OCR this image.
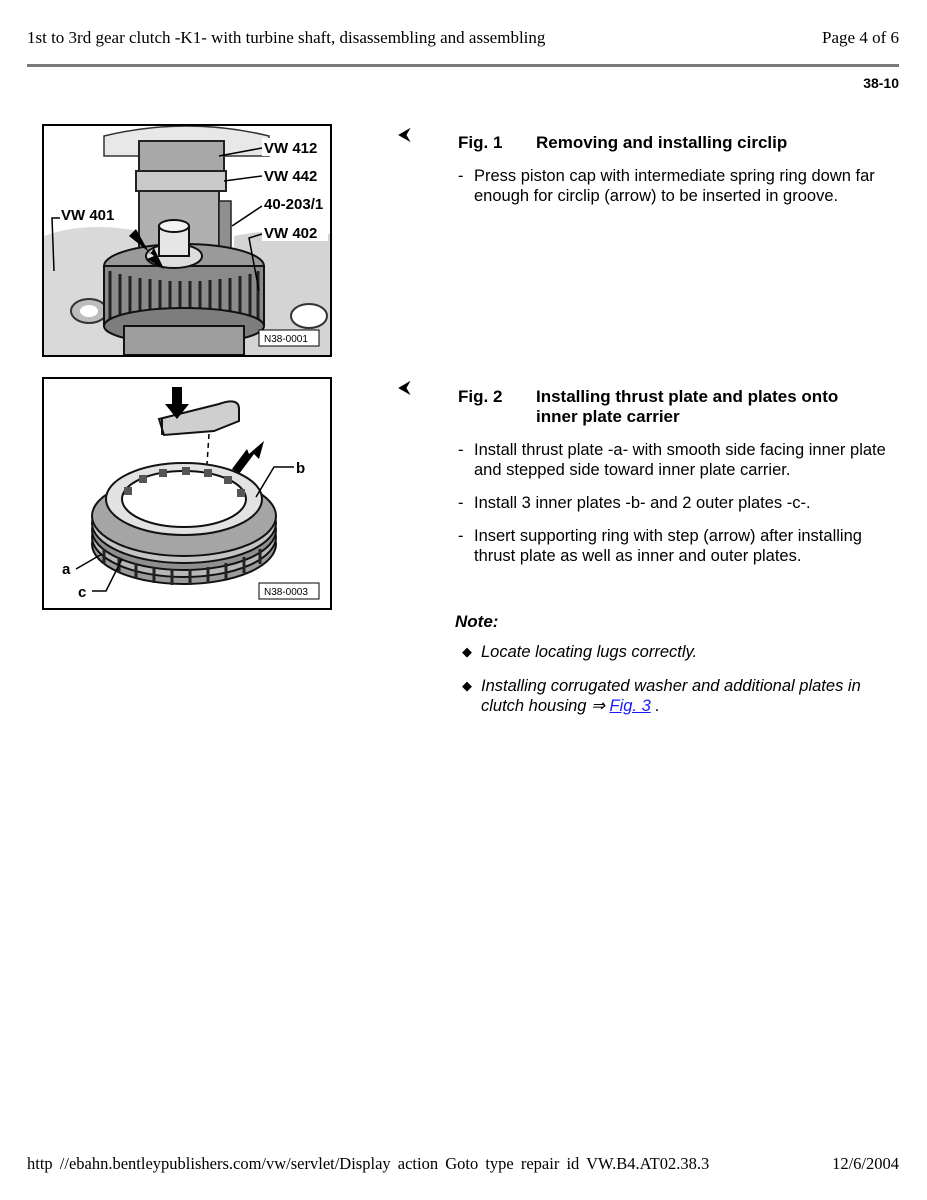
1st to 3rd gear clutch -K1- with turbine shaft, disassembling and assembling	Page 4 of 6
38-10
VW 412
VW 442
40-203/1
VW 402
VW 401
N38-0001
⮜	Fig. 1	Removing and installing circlip
- Press piston cap with intermediate spring ring down far enough for circlip (arrow) to be inserted in groove.
b
a
c	N38-0003
⮜	Fig. 2	Installing thrust plate and plates onto inner plate carrier
- Install thrust plate -a- with smooth side facing inner plate and stepped side toward inner plate carrier.
- Install 3 inner plates -b- and 2 outer plates -c-.
- Insert supporting ring with step (arrow) after installing thrust plate as well as inner and outer plates.
Note:
◆ Locate locating lugs correctly.
◆ Installing corrugated washer and additional plates in clutch housing ⇒ Fig. 3 .
http //ebahn.bentleypublishers.com/vw/servlet/Display action Goto type repair id VW.B4.AT02.38.3	12/6/2004
